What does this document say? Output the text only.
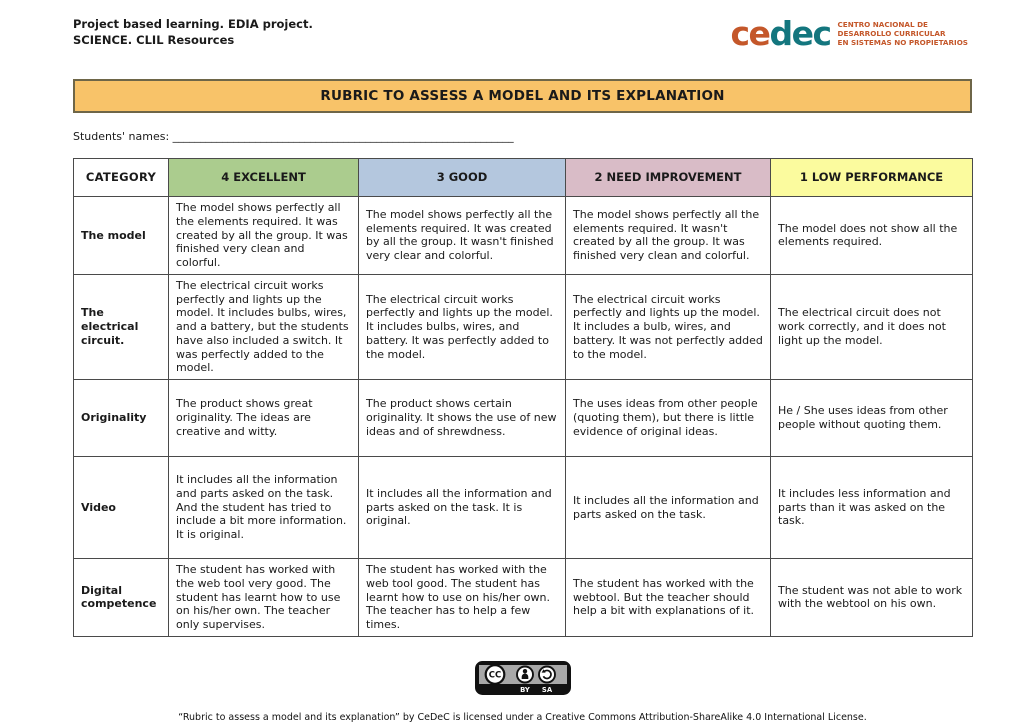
Project based learning. EDIA project.
SCIENCE. CLIL Resources	cedec CENTRO NACIONAL DE
DESARROLLO CURRICULAR
EN SISTEMAS NO PROPIETARIOS
RUBRIC TO ASSESS A MODEL AND ITS EXPLANATION
Students' names: ______________________________________________________________
CATEGORY	4 EXCELLENT	3 GOOD	2 NEED IMPROVEMENT	1 LOW PERFORMANCE
The model	The model shows perfectly all the elements required. It was created by all the group. It was finished very clean and colorful.	The model shows perfectly all the elements required. It was created by all the group. It wasn't finished very clear and colorful.	The model shows perfectly all the elements required. It wasn't created by all the group. It was finished very clean and colorful.	The model does not show all the elements required.
The electrical circuit.	The electrical circuit works perfectly and lights up the model. It includes bulbs, wires, and a battery, but the students have also included a switch. It was perfectly added to the model.	The electrical circuit works perfectly and lights up the model. It includes bulbs, wires, and battery. It was perfectly added to the model.	The electrical circuit works perfectly and lights up the model. It includes a bulb, wires, and battery. It was not perfectly added to the model.	The electrical circuit does not work correctly, and it does not light up the model.
Originality	The product shows great originality. The ideas are creative and witty.	The product shows certain originality. It shows the use of new ideas and of shrewdness.	The uses ideas from other people (quoting them), but there is little evidence of original ideas.	He / She uses ideas from other people without quoting them.
Video	It includes all the information and parts asked on the task. And the student has tried to include a bit more information. It is original.	It includes all the information and parts asked on the task. It is original.	It includes all the information and parts asked on the task.	It includes less information and parts than it was asked on the task.
Digital competence	The student has worked with the web tool very good. The student has learnt how to use on his/her own. The teacher only supervises.	The student has worked with the web tool good. The student has learnt how to use on his/her own. The teacher has to help a few times.	The student has worked with the webtool. But the teacher should help a bit with explanations of it.	The student was not able to work with the webtool on his own.
CC
BY SA
“Rubric to assess a model and its explanation” by CeDeC is licensed under a Creative Commons Attribution-ShareAlike 4.0 International License.
